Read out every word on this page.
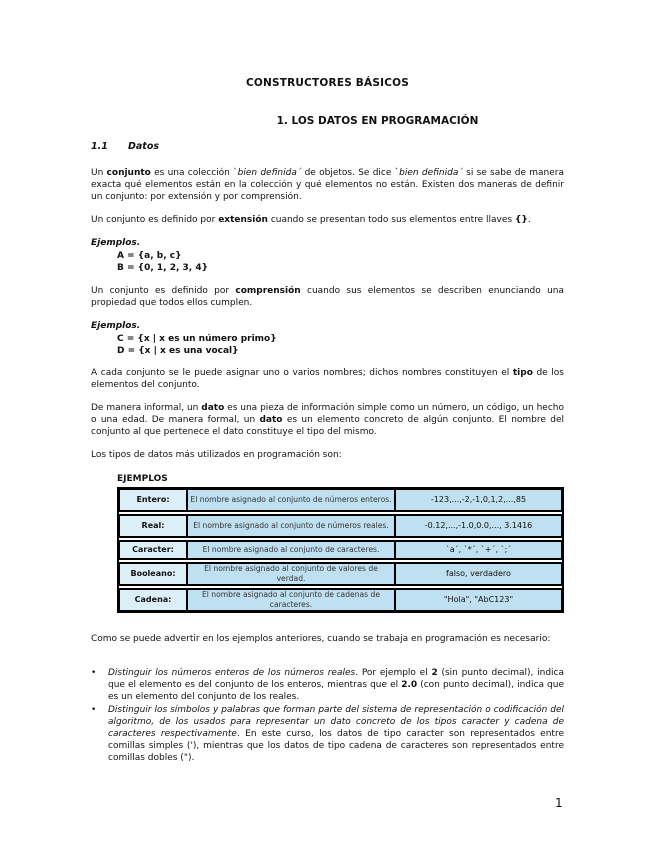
CONSTRUCTORES BÁSICOS
1. LOS DATOS EN PROGRAMACIÓN
1.1 Datos
Un conjunto es una colección `bien definida´ de objetos. Se dice `bien definida´ si se sabe de manera exacta qué elementos están en la colección y qué elementos no están. Existen dos maneras de definir un conjunto: por extensión y por comprensión.
Un conjunto es definido por extensión cuando se presentan todo sus elementos entre llaves {}.
Ejemplos.
A = {a, b, c}
B = {0, 1, 2, 3, 4}
Un conjunto es definido por comprensión cuando sus elementos se describen enunciando una propiedad que todos ellos cumplen.
Ejemplos.
C = {x | x es un número primo}
D = {x | x es una vocal}
A cada conjunto se le puede asignar uno o varios nombres; dichos nombres constituyen el tipo de los elementos del conjunto.
De manera informal, un dato es una pieza de información simple como un número, un código, un hecho o una edad. De manera formal, un dato es un elemento concreto de algún conjunto. El nombre del conjunto al que pertenece el dato constituye el tipo del mismo.
Los tipos de datos más utilizados en programación son:
EJEMPLOS
Entero:	El nombre asignado al conjunto de números enteros.	-123,...,-2,-1,0,1,2,...,85

Real:	El nombre asignado al conjunto de números reales.	-0.12,...,-1.0,0.0,..., 3.1416

Caracter:	El nombre asignado al conjunto de caracteres.	`a´, `*´, `+´, `;´

Booleano:	El nombre asignado al conjunto de valores de verdad.	falso, verdadero

Cadena:	El nombre asignado al conjunto de cadenas de caracteres.	"Hola", "AbC123"
Como se puede advertir en los ejemplos anteriores, cuando se trabaja en programación es necesario:
• Distinguir los números enteros de los números reales. Por ejemplo el 2 (sin punto decimal), indica que el elemento es del conjunto de los enteros, mientras que el 2.0 (con punto decimal), indica que es un elemento del conjunto de los reales.
• Distinguir los símbolos y palabras que forman parte del sistema de representación o codificación del algoritmo, de los usados para representar un dato concreto de los tipos caracter y cadena de caracteres respectivamente. En este curso, los datos de tipo caracter son representados entre comillas simples ('), mientras que los datos de tipo cadena de caracteres son representados entre comillas dobles (").
1
